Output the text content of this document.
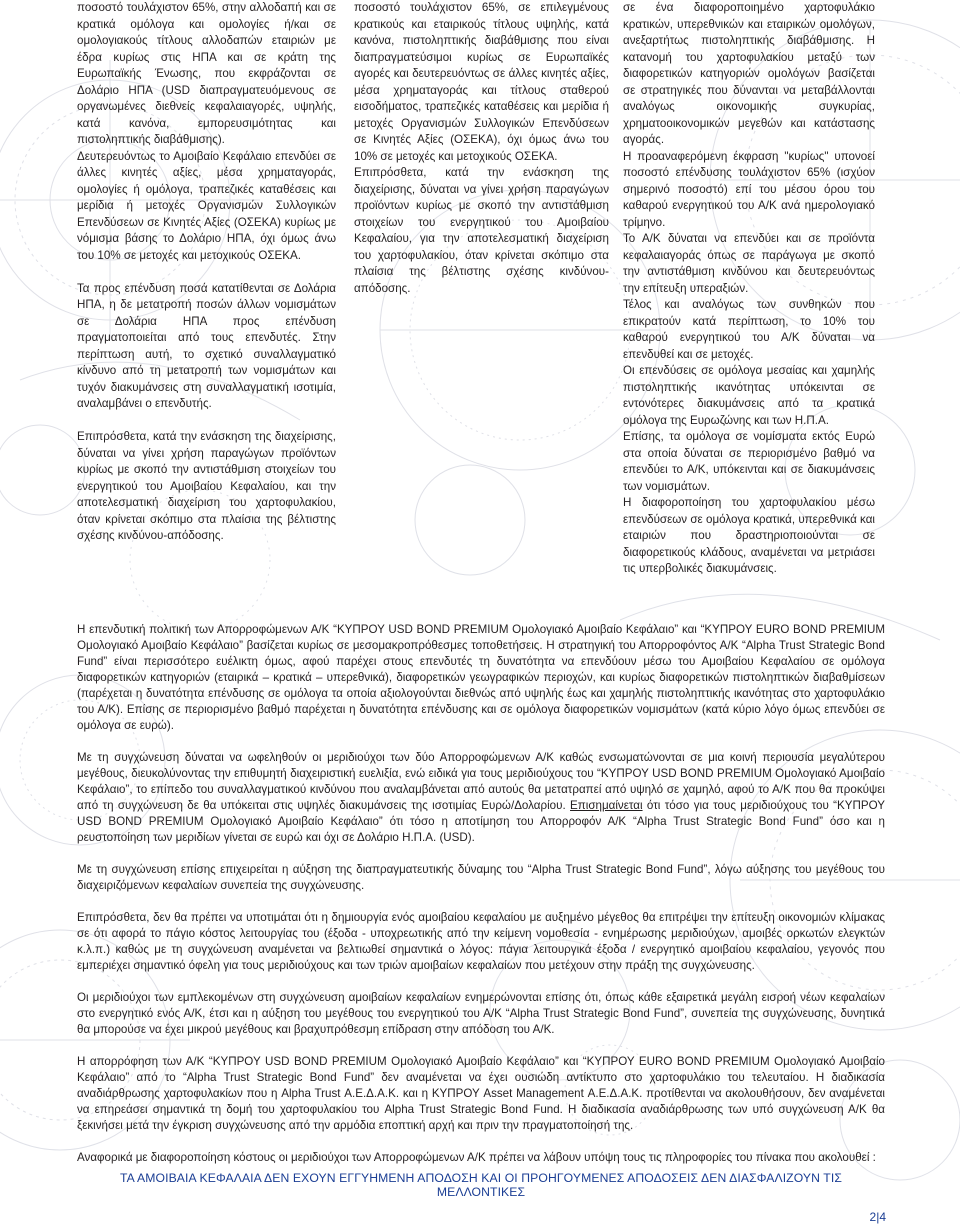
ποσοστό τουλάχιστον 65%, στην αλλοδαπή και σε κρατικά ομόλογα και ομολογίες ή/και σε ομολογιακούς τίτλους αλλοδαπών εταιριών με έδρα κυρίως στις ΗΠΑ και σε κράτη της Ευρωπαϊκής Ένωσης, που εκφράζονται σε Δολάριο ΗΠΑ (USD διαπραγματευόμενους σε οργανωμένες διεθνείς κεφαλαιαγορές, υψηλής, κατά κανόνα, εμπορευσιμότητας και πιστοληπτικής διαβάθμισης).

Δευτερευόντως το Αμοιβαίο Κεφάλαιο επενδύει σε άλλες κινητές αξίες, μέσα χρηματαγοράς, ομολογίες ή ομόλογα, τραπεζικές καταθέσεις και μερίδια ή μετοχές Οργανισμών Συλλογικών Επενδύσεων σε Κινητές Αξίες (ΟΣΕΚΑ) κυρίως με νόμισμα βάσης το Δολάριο ΗΠΑ, όχι όμως άνω του 10% σε μετοχές και μετοχικούς ΟΣΕΚΑ.

Τα προς επένδυση ποσά κατατίθενται σε Δολάρια ΗΠΑ, η δε μετατροπή ποσών άλλων νομισμάτων σε Δολάρια ΗΠΑ προς επένδυση πραγματοποιείται από τους επενδυτές. Στην περίπτωση αυτή, το σχετικό συναλλαγματικό κίνδυνο από τη μετατροπή των νομισμάτων και τυχόν διακυμάνσεις στη συναλλαγματική ισοτιμία, αναλαμβάνει ο επενδυτής.

Επιπρόσθετα, κατά την ενάσκηση της διαχείρισης, δύναται να γίνει χρήση παραγώγων προϊόντων κυρίως με σκοπό την αντιστάθμιση στοιχείων του ενεργητικού του Αμοιβαίου Κεφαλαίου, και την αποτελεσματική διαχείριση του χαρτοφυλακίου, όταν κρίνεται σκόπιμο στα πλαίσια της βέλτιστης σχέσης κινδύνου-απόδοσης.

ποσοστό τουλάχιστον 65%, σε επιλεγμένους κρατικούς και εταιρικούς τίτλους υψηλής, κατά κανόνα, πιστοληπτικής διαβάθμισης που είναι διαπραγματεύσιμοι κυρίως σε Ευρωπαϊκές αγορές και δευτερευόντως σε άλλες κινητές αξίες, μέσα χρηματαγοράς και τίτλους σταθερού εισοδήματος, τραπεζικές καταθέσεις και μερίδια ή μετοχές Οργανισμών Συλλογικών Επενδύσεων σε Κινητές Αξίες (ΟΣΕΚΑ), όχι όμως άνω του 10% σε μετοχές και μετοχικούς ΟΣΕΚΑ.

Επιπρόσθετα, κατά την ενάσκηση της διαχείρισης, δύναται να γίνει χρήση παραγώγων προϊόντων κυρίως με σκοπό την αντιστάθμιση στοιχείων του ενεργητικού του Αμοιβαίου Κεφαλαίου, για την αποτελεσματική διαχείριση του χαρτοφυλακίου, όταν κρίνεται σκόπιμο στα πλαίσια της βέλτιστης σχέσης κινδύνου-απόδοσης.

σε ένα διαφοροποιημένο χαρτοφυλάκιο κρατικών, υπερεθνικών και εταιρικών ομολόγων, ανεξαρτήτως πιστοληπτικής διαβάθμισης. Η κατανομή του χαρτοφυλακίου μεταξύ των διαφορετικών κατηγοριών ομολόγων βασίζεται σε στρατηγικές που δύνανται να μεταβάλλονται αναλόγως οικονομικής συγκυρίας, χρηματοοικονομικών μεγεθών και κατάστασης αγοράς.

Η προαναφερόμενη έκφραση "κυρίως" υπονοεί ποσοστό επένδυσης τουλάχιστον 65% (ισχύον σημερινό ποσοστό) επί του μέσου όρου του καθαρού ενεργητικού του Α/Κ ανά ημερολογιακό τρίμηνο.

Το Α/Κ δύναται να επενδύει και σε προϊόντα κεφαλαιαγοράς όπως σε παράγωγα με σκοπό την αντιστάθμιση κινδύνου και δευτερευόντως την επίτευξη υπεραξιών.

Τέλος και αναλόγως των συνθηκών που επικρατούν κατά περίπτωση, το 10% του καθαρού ενεργητικού του Α/Κ δύναται να επενδυθεί και σε μετοχές.

Οι επενδύσεις σε ομόλογα μεσαίας και χαμηλής πιστοληπτικής ικανότητας υπόκεινται σε εντονότερες διακυμάνσεις από τα κρατικά ομόλογα της Ευρωζώνης και των Η.Π.Α.

Επίσης, τα ομόλογα σε νομίσματα εκτός Ευρώ στα οποία δύναται σε περιορισμένο βαθμό να επενδύει το Α/Κ, υπόκεινται και σε διακυμάνσεις των νομισμάτων.

Η διαφοροποίηση του χαρτοφυλακίου μέσω επενδύσεων σε ομόλογα κρατικά, υπερεθνικά και εταιριών που δραστηριοποιούνται σε διαφορετικούς κλάδους, αναμένεται να μετριάσει τις υπερβολικές διακυμάνσεις.

Η επενδυτική πολιτική των Απορροφώμενων Α/Κ “ΚΥΠΡΟΥ USD BOND PREMIUM Ομολογιακό Αμοιβαίο Κεφάλαιο” και “ΚΥΠΡΟΥ EURO BOND PREMIUM Ομολογιακό Αμοιβαίο Κεφάλαιο” βασίζεται κυρίως σε μεσομακροπρόθεσμες τοποθετήσεις. Η στρατηγική του Απορροφόντος Α/Κ “Alpha Trust Strategic Bond Fund” είναι περισσότερο ευέλικτη όμως, αφού παρέχει στους επενδυτές τη δυνατότητα να επενδύουν μέσω του Αμοιβαίου Κεφαλαίου σε ομόλογα διαφορετικών κατηγοριών (εταιρικά – κρατικά – υπερεθνικά), διαφορετικών γεωγραφικών περιοχών, και κυρίως διαφορετικών πιστοληπτικών διαβαθμίσεων (παρέχεται η δυνατότητα επένδυσης σε ομόλογα τα οποία αξιολογούνται διεθνώς από υψηλής έως και χαμηλής πιστοληπτικής ικανότητας στο χαρτοφυλάκιο του Α/Κ). Επίσης σε περιορισμένο βαθμό παρέχεται η δυνατότητα επένδυσης και σε ομόλογα διαφορετικών νομισμάτων (κατά κύριο λόγο όμως επενδύει σε ομόλογα σε ευρώ).

Με τη συγχώνευση δύναται να ωφεληθούν οι μεριδιούχοι των δύο Απορροφώμενων Α/Κ καθώς ενσωματώνονται σε μια κοινή περιουσία μεγαλύτερου μεγέθους, διευκολύνοντας την επιθυμητή διαχειριστική ευελιξία, ενώ ειδικά για τους μεριδιούχους του “ΚΥΠΡΟΥ USD BOND PREMIUM Ομολογιακό Αμοιβαίο Κεφάλαιο”, το επίπεδο του συναλλαγματικού κινδύνου που αναλαμβάνεται από αυτούς θα μετατραπεί από υψηλό σε χαμηλό, αφού το Α/Κ που θα προκύψει από τη συγχώνευση δε θα υπόκειται στις υψηλές διακυμάνσεις της ισοτιμίας Ευρώ/Δολαρίου. Επισημαίνεται ότι τόσο για τους μεριδιούχους του “ΚΥΠΡΟΥ USD BOND PREMIUM Ομολογιακό Αμοιβαίο Κεφάλαιο” ότι τόσο η αποτίμηση του Απορροφόν Α/Κ “Alpha Trust Strategic Bond Fund” όσο και η ρευστοποίηση των μεριδίων γίνεται σε ευρώ και όχι σε Δολάριο Η.Π.Α. (USD).

Με τη συγχώνευση επίσης επιχειρείται η αύξηση της διαπραγματευτικής δύναμης του “Alpha Trust Strategic Bond Fund”, λόγω αύξησης του μεγέθους του διαχειριζόμενων κεφαλαίων συνεπεία της συγχώνευσης.

Επιπρόσθετα, δεν θα πρέπει να υποτιμάται ότι η δημιουργία ενός αμοιβαίου κεφαλαίου με αυξημένο μέγεθος θα επιτρέψει την επίτευξη οικονομιών κλίμακας σε ότι αφορά το πάγιο κόστος λειτουργίας του (έξοδα - υποχρεωτικής από την κείμενη νομοθεσία - ενημέρωσης μεριδιούχων, αμοιβές ορκωτών ελεγκτών κ.λ.π.) καθώς με τη συγχώνευση αναμένεται να βελτιωθεί σημαντικά ο λόγος: πάγια λειτουργικά έξοδα / ενεργητικό αμοιβαίου κεφαλαίου, γεγονός που εμπεριέχει σημαντικό όφελη για τους μεριδιούχους και των τριών αμοιβαίων κεφαλαίων που μετέχουν στην πράξη της συγχώνευσης.

Οι μεριδιούχοι των εμπλεκομένων στη συγχώνευση αμοιβαίων κεφαλαίων ενημερώνονται επίσης ότι, όπως κάθε εξαιρετικά μεγάλη εισροή νέων κεφαλαίων στο ενεργητικό ενός Α/Κ, έτσι και η αύξηση του μεγέθους του ενεργητικού του Α/Κ “Alpha Trust Strategic Bond Fund”, συνεπεία της συγχώνευσης, δυνητικά θα μπορούσε να έχει μικρού μεγέθους και βραχυπρόθεσμη επίδραση στην απόδοση του Α/Κ.

Η απορρόφηση των Α/Κ “ΚΥΠΡΟΥ USD BOND PREMIUM Ομολογιακό Αμοιβαίο Κεφάλαιο” και “ΚΥΠΡΟΥ EURO BOND PREMIUM Ομολογιακό Αμοιβαίο Κεφάλαιο” από το “Alpha Trust Strategic Bond Fund” δεν αναμένεται να έχει ουσιώδη αντίκτυπο στο χαρτοφυλάκιο του τελευταίου. Η διαδικασία αναδιάρθρωσης χαρτοφυλακίων που η Alpha Trust Α.Ε.Δ.Α.Κ. και η ΚΥΠΡΟΥ Asset Management Α.Ε.Δ.Α.Κ. προτίθενται να ακολουθήσουν, δεν αναμένεται να επηρεάσει σημαντικά τη δομή του χαρτοφυλακίου του Alpha Trust Strategic Bond Fund. Η διαδικασία αναδιάρθρωσης των υπό συγχώνευση Α/Κ θα ξεκινήσει μετά την έγκριση συγχώνευσης από την αρμόδια εποπτική αρχή και πριν την πραγματοποίησή της.

Αναφορικά με διαφοροποίηση κόστους οι μεριδιούχοι των Απορροφώμενων Α/Κ πρέπει να λάβουν υπόψη τους τις πληροφορίες του πίνακα που ακολουθεί :

ΤΑ ΑΜΟΙΒΑΙΑ ΚΕΦΑΛΑΙΑ ΔΕΝ ΕΧΟΥΝ ΕΓΓΥΗΜΕΝΗ ΑΠΟΔΟΣΗ ΚΑΙ ΟΙ ΠΡΟΗΓΟΥΜΕΝΕΣ ΑΠΟΔΟΣΕΙΣ ΔΕΝ ΔΙΑΣΦΑΛΙΖΟΥΝ ΤΙΣ ΜΕΛΛΟΝΤΙΚΕΣ
2|4
